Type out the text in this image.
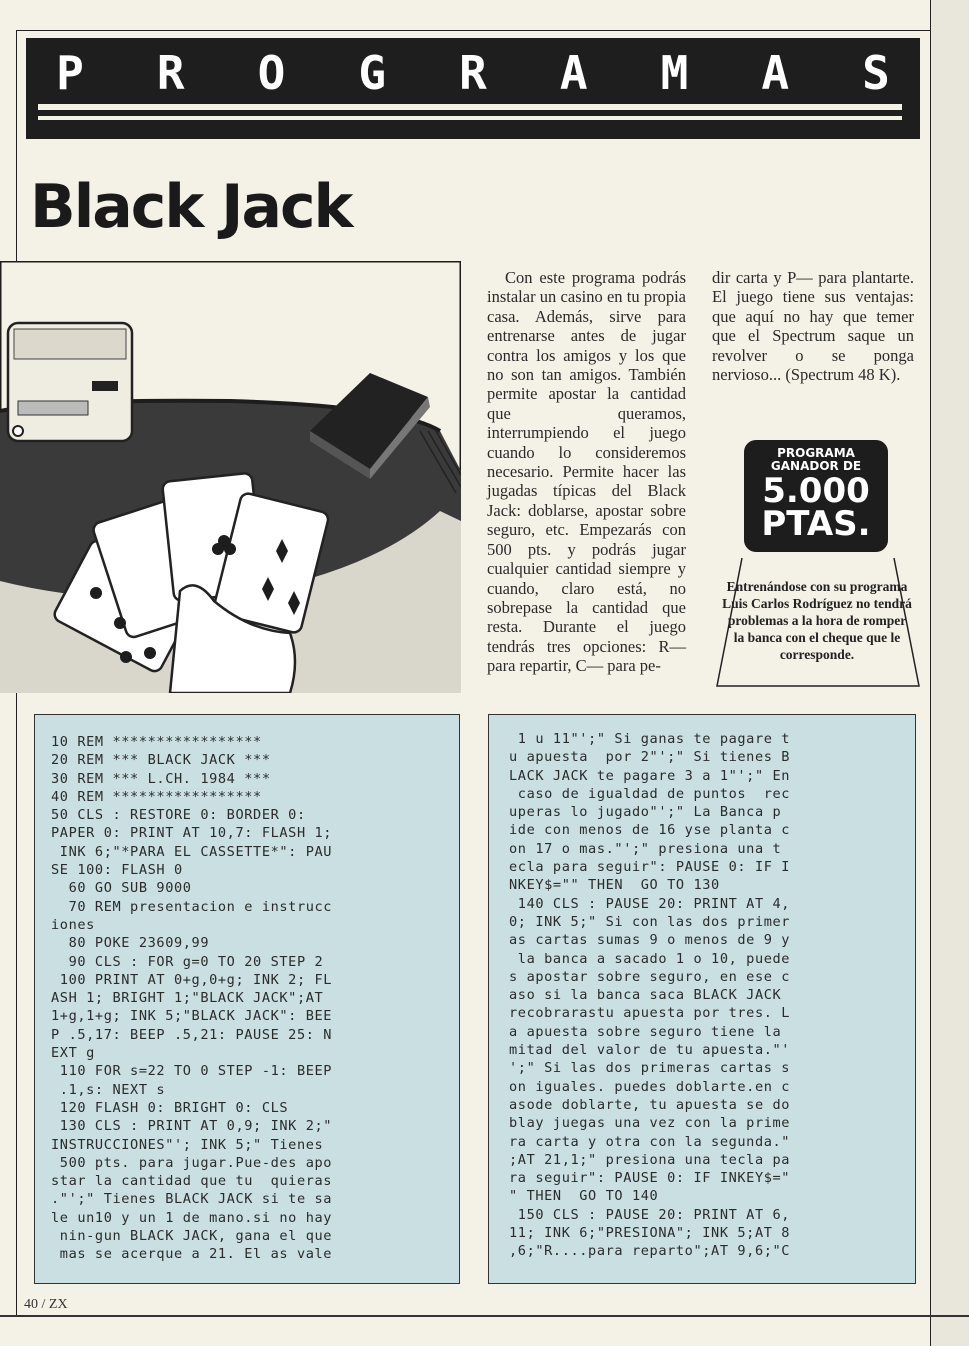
P	R	O	G	R	A	M	A	S
Black Jack

Con este programa podrás instalar un casino en tu propia casa. Además, sirve para entrenarse antes de jugar contra los amigos y los que no son tan amigos. También permite apostar la cantidad que queramos, interrumpiendo el juego cuando lo consideremos necesario. Permite hacer las jugadas típicas del Black Jack: doblarse, apostar sobre seguro, etc. Empezarás con 500 pts. y podrás jugar cualquier cantidad siempre y cuando, claro está, no sobrepase la cantidad que resta. Durante el juego tendrás tres opciones: R— para repartir, C— para pe-

dir carta y P— para plantarte. El juego tiene sus ventajas: que aquí no hay que temer que el Spectrum saque un revolver o se ponga nervioso... (Spectrum 48 K).

PROGRAMA
GANADOR DE
5.000
PTAS.
Entrenándose con su programa Luis Carlos Rodríguez no tendrá problemas a la hora de romper la banca con el cheque que le corresponde.
10 REM *****************
20 REM *** BLACK JACK ***
30 REM *** L.CH. 1984 ***
40 REM *****************
50 CLS : RESTORE 0: BORDER 0:
PAPER 0: PRINT AT 10,7: FLASH 1;
INK 6;"*PARA EL CASSETTE*": PAU
SE 100: FLASH 0
60 GO SUB 9000
70 REM presentacion e instrucc
iones
80 POKE 23609,99
90 CLS : FOR g=0 TO 20 STEP 2
100 PRINT AT 0+g,0+g; INK 2; FL
ASH 1; BRIGHT 1;"BLACK JACK";AT
1+g,1+g; INK 5;"BLACK JACK": BEE
P .5,17: BEEP .5,21: PAUSE 25: N
EXT g
110 FOR s=22 TO 0 STEP -1: BEEP
.1,s: NEXT s
120 FLASH 0: BRIGHT 0: CLS
130 CLS : PRINT AT 0,9; INK 2;"
INSTRUCCIONES"'; INK 5;" Tienes
500 pts. para jugar.Pue-des apo
star la cantidad que tu  quieras
."';" Tienes BLACK JACK si te sa
le un10 y un 1 de mano.si no hay
nin-gun BLACK JACK, gana el que
mas se acerque a 21. El as vale
1 u 11"';" Si ganas te pagare t
u apuesta  por 2"';" Si tienes B
LACK JACK te pagare 3 a 1"';" En
caso de igualdad de puntos  rec
uperas lo jugado"';" La Banca p
ide con menos de 16 yse planta c
on 17 o mas."';" presiona una t
ecla para seguir": PAUSE 0: IF I
NKEY$="" THEN  GO TO 130
140 CLS : PAUSE 20: PRINT AT 4,
0; INK 5;" Si con las dos primer
as cartas sumas 9 o menos de 9 y
la banca a sacado 1 o 10, puede
s apostar sobre seguro, en ese c
aso si la banca saca BLACK JACK
recobrarastu apuesta por tres. L
a apuesta sobre seguro tiene la
mitad del valor de tu apuesta."'
';" Si las dos primeras cartas s
on iguales. puedes doblarte.en c
asode doblarte, tu apuesta se do
blay juegas una vez con la prime
ra carta y otra con la segunda."
;AT 21,1;" presiona una tecla pa
ra seguir": PAUSE 0: IF INKEY$="
" THEN  GO TO 140
150 CLS : PAUSE 20: PRINT AT 6,
11; INK 6;"PRESIONA"; INK 5;AT 8
,6;"R....para reparto";AT 9,6;"C
40 / ZX
